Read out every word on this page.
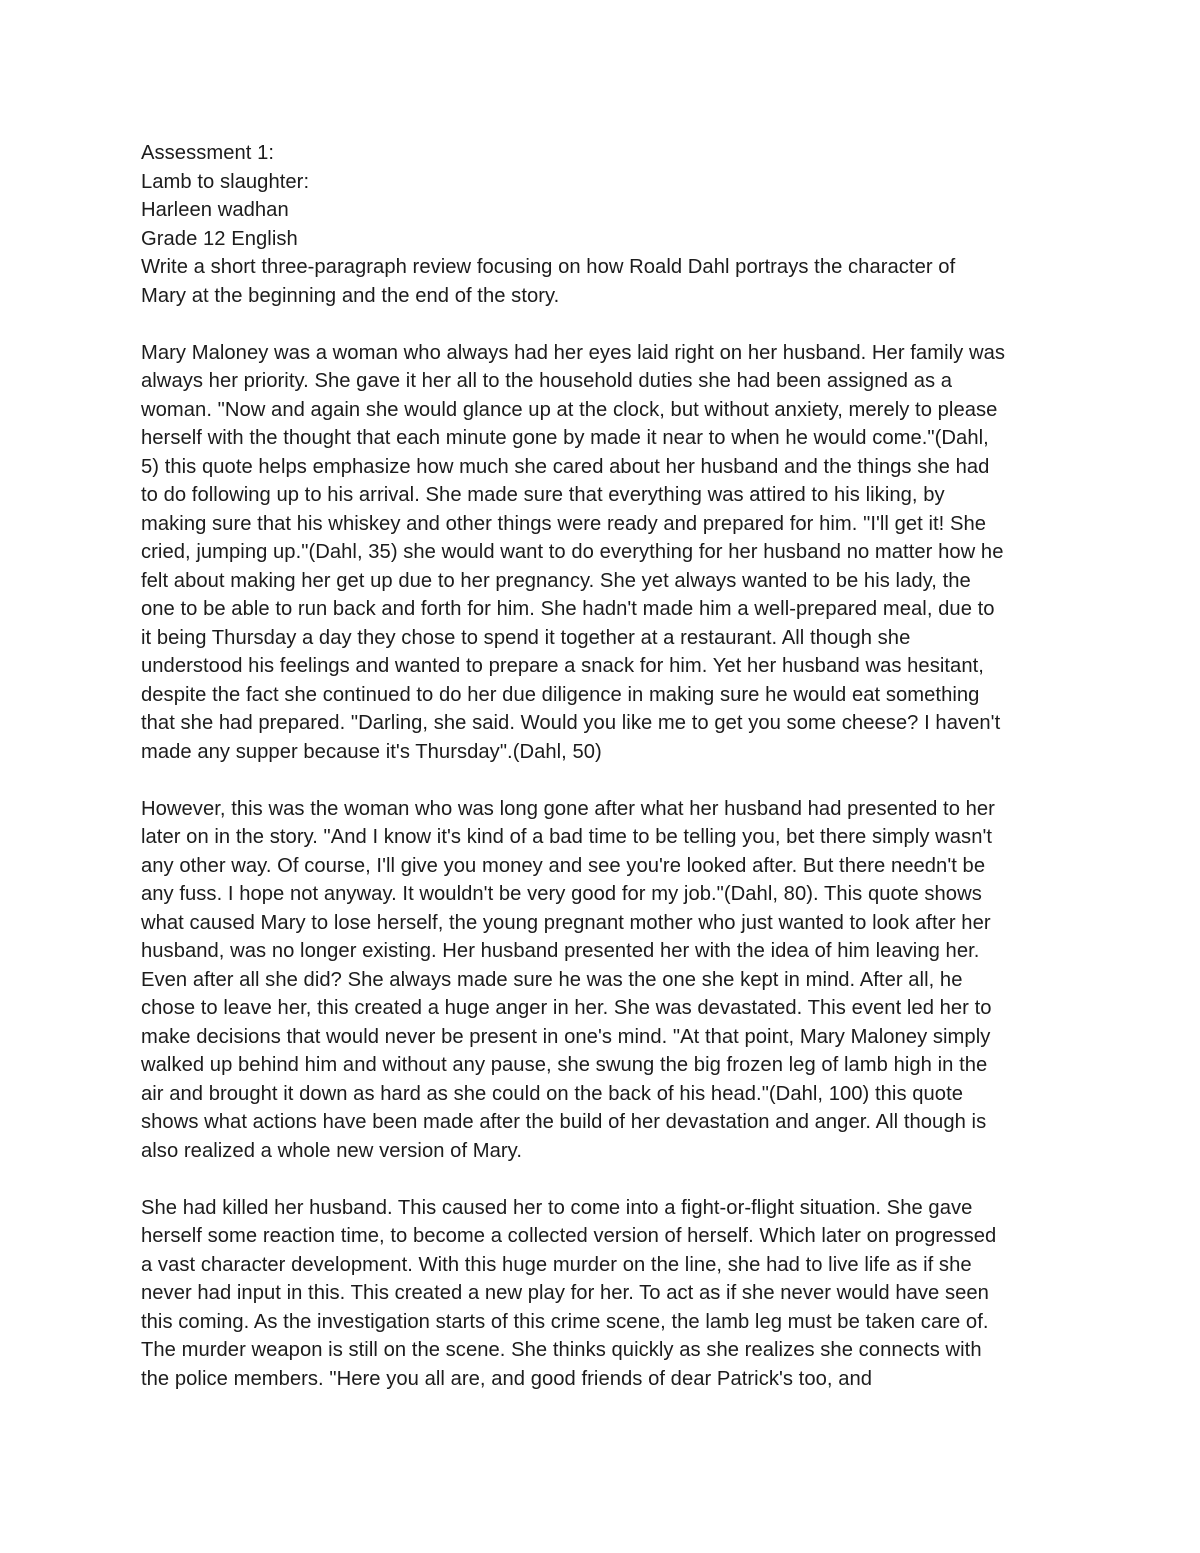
Assessment 1:

Lamb to slaughter:

Harleen wadhan

Grade 12 English

Write a short three-paragraph review focusing on how Roald Dahl portrays the character of

Mary at the beginning and the end of the story.

Mary Maloney was a woman who always had her eyes laid right on her husband. Her family was
always her priority. She gave it her all to the household duties she had been assigned as a
woman. "Now and again she would glance up at the clock, but without anxiety, merely to please
herself with the thought that each minute gone by made it near to when he would come."(Dahl,
5) this quote helps emphasize how much she cared about her husband and the things she had
to do following up to his arrival. She made sure that everything was attired to his liking, by
making sure that his whiskey and other things were ready and prepared for him. "I'll get it! She
cried, jumping up."(Dahl, 35) she would want to do everything for her husband no matter how he
felt about making her get up due to her pregnancy. She yet always wanted to be his lady, the
one to be able to run back and forth for him. She hadn't made him a well-prepared meal, due to
it being Thursday a day they chose to spend it together at a restaurant. All though she
understood his feelings and wanted to prepare a snack for him. Yet her husband was hesitant,
despite the fact she continued to do her due diligence in making sure he would eat something
that she had prepared. "Darling, she said. Would you like me to get you some cheese? I haven't
made any supper because it's Thursday".(Dahl, 50)
However, this was the woman who was long gone after what her husband had presented to her
later on in the story. "And I know it's kind of a bad time to be telling you, bet there simply wasn't
any other way. Of course, I'll give you money and see you're looked after. But there needn't be
any fuss. I hope not anyway. It wouldn't be very good for my job."(Dahl, 80). This quote shows
what caused Mary to lose herself, the young pregnant mother who just wanted to look after her
husband, was no longer existing. Her husband presented her with the idea of him leaving her.
Even after all she did? She always made sure he was the one she kept in mind. After all, he
chose to leave her, this created a huge anger in her. She was devastated. This event led her to
make decisions that would never be present in one's mind. "At that point, Mary Maloney simply
walked up behind him and without any pause, she swung the big frozen leg of lamb high in the
air and brought it down as hard as she could on the back of his head."(Dahl, 100) this quote
shows what actions have been made after the build of her devastation and anger. All though is
also realized a whole new version of Mary.
She had killed her husband. This caused her to come into a fight-or-flight situation. She gave
herself some reaction time, to become a collected version of herself. Which later on progressed
a vast character development. With this huge murder on the line, she had to live life as if she
never had input in this. This created a new play for her. To act as if she never would have seen
this coming. As the investigation starts of this crime scene, the lamb leg must be taken care of.
The murder weapon is still on the scene. She thinks quickly as she realizes she connects with
the police members. "Here you all are, and good friends of dear Patrick's too, and
